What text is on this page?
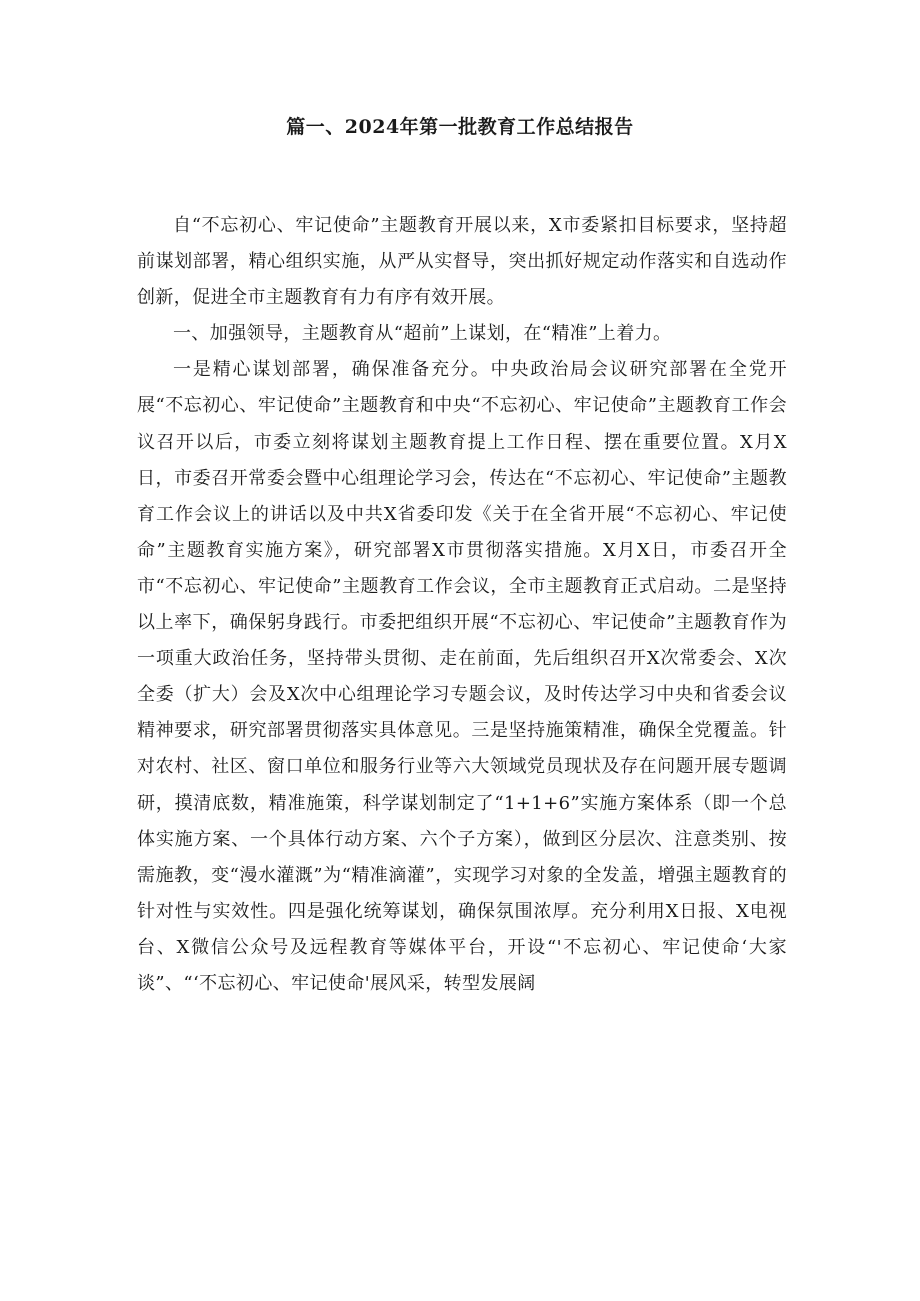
篇一、2024年第一批教育工作总结报告

自“不忘初心、牢记使命”主题教育开展以来，X市委紧扣目标要求，坚持超前谋划部署，精心组织实施，从严从实督导，突出抓好规定动作落实和自选动作创新，促进全市主题教育有力有序有效开展。

一、加强领导，主题教育从“超前”上谋划，在“精准”上着力。

一是精心谋划部署，确保准备充分。中央政治局会议研究部署在全党开展“不忘初心、牢记使命”主题教育和中央“不忘初心、牢记使命”主题教育工作会议召开以后，市委立刻将谋划主题教育提上工作日程、摆在重要位置。X月X日，市委召开常委会暨中心组理论学习会，传达在“不忘初心、牢记使命”主题教育工作会议上的讲话以及中共X省委印发《关于在全省开展“不忘初心、牢记使命”主题教育实施方案》，研究部署X市贯彻落实措施。X月X日，市委召开全市“不忘初心、牢记使命”主题教育工作会议，全市主题教育正式启动。二是坚持以上率下，确保躬身践行。市委把组织开展“不忘初心、牢记使命”主题教育作为一项重大政治任务，坚持带头贯彻、走在前面，先后组织召开X次常委会、X次全委（扩大）会及X次中心组理论学习专题会议，及时传达学习中央和省委会议精神要求，研究部署贯彻落实具体意见。三是坚持施策精准，确保全党覆盖。针对农村、社区、窗口单位和服务行业等六大领域党员现状及存在问题开展专题调研，摸清底数，精准施策，科学谋划制定了“1+1+6”实施方案体系（即一个总体实施方案、一个具体行动方案、六个子方案），做到区分层次、注意类别、按需施教，变“漫水灌溉”为“精准滴灌”，实现学习对象的全发盖，增强主题教育的针对性与实效性。四是强化统筹谋划，确保氛围浓厚。充分利用X日报、X电视台、X微信公众号及远程教育等媒体平台，开设“'不忘初心、牢记使命‘大家谈”、“‘不忘初心、牢记使命'展风采，转型发展阔
